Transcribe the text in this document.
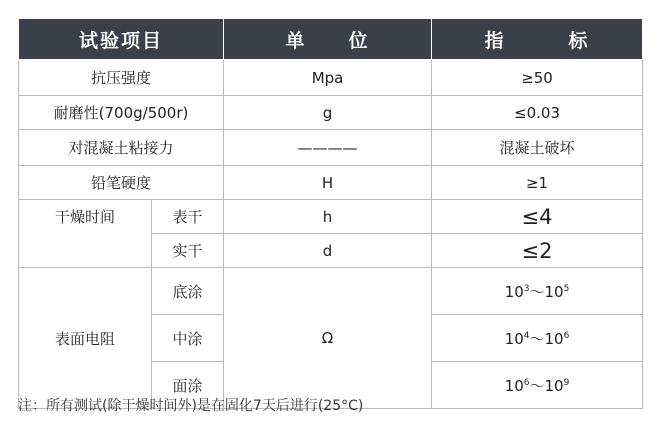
试验项目		单　　位	指　　　标
抗压强度		Mpa	≥50
耐磨性(700g/500r)		g	≤0.03
对混凝土粘接力		————	混凝土破坏
铅笔硬度		H	≥1
干燥时间	表干	h	≤4
	实干	d	≤2
表面电阻	底涂	Ω	$10^3\sim 10^5$
	中涂		$10^4\sim 10^6$
	面涂		$10^6\sim 10^9$
注：所有测试(除干燥时间外)是在固化7天后进行(25°C)
